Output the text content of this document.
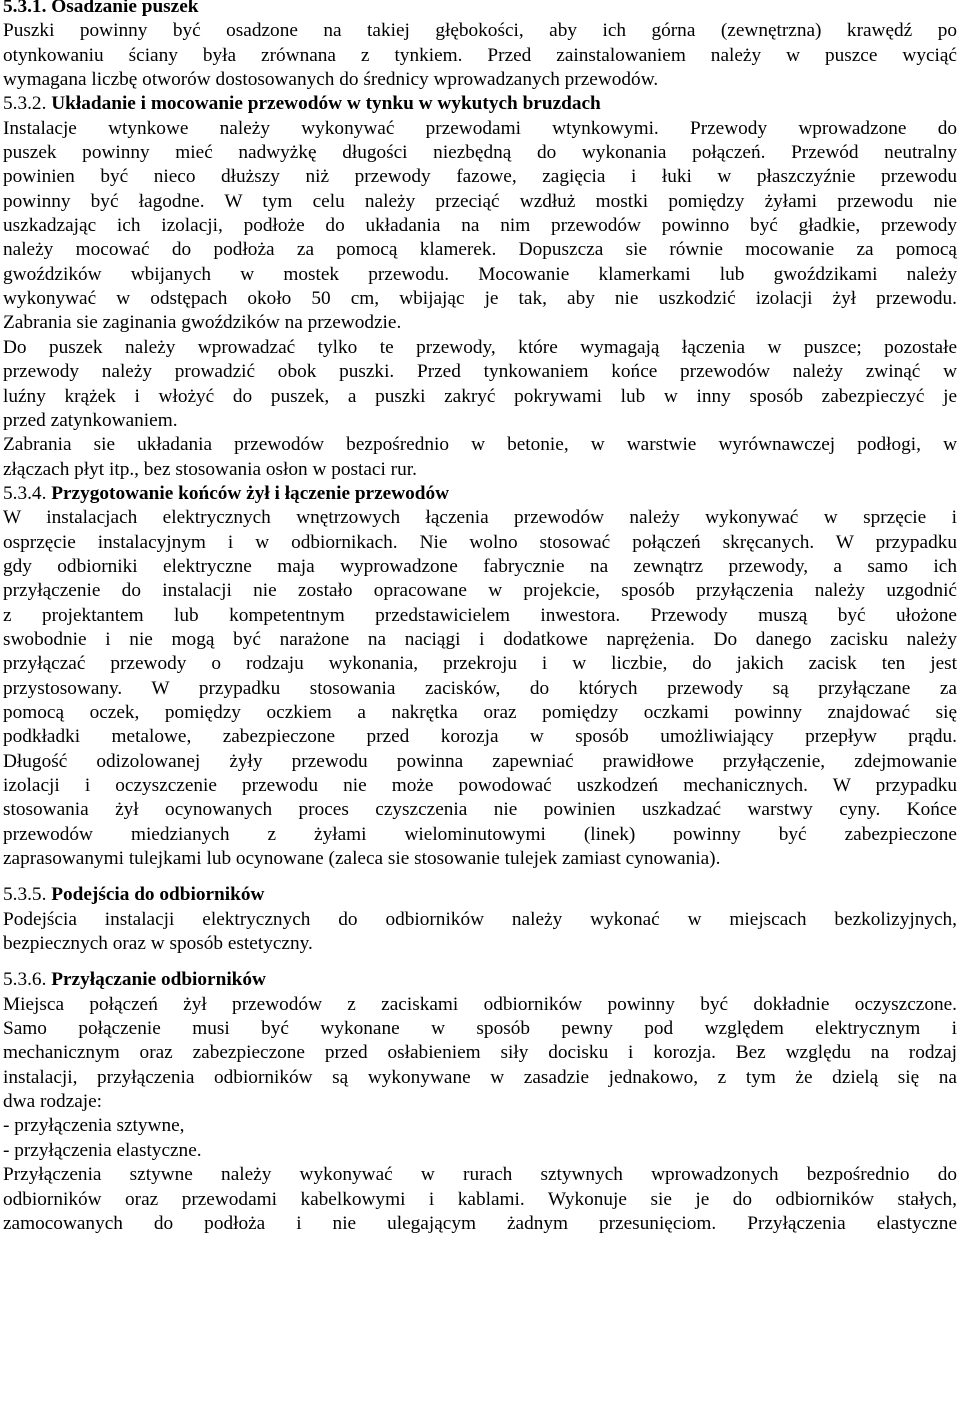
5.3.1. Osadzanie puszek
Puszki powinny być osadzone na takiej głębokości, aby ich górna (zewnętrzna) krawędź po
otynkowaniu ściany była zrównana z tynkiem. Przed zainstalowaniem należy w puszce wyciąć
wymagana liczbę otworów dostosowanych do średnicy wprowadzanych przewodów.
5.3.2. Układanie i mocowanie przewodów w tynku w wykutych bruzdach
Instalacje wtynkowe należy wykonywać przewodami wtynkowymi. Przewody wprowadzone do
puszek powinny mieć nadwyżkę długości niezbędną do wykonania połączeń. Przewód neutralny
powinien być nieco dłuższy niż przewody fazowe, zagięcia i łuki w płaszczyźnie przewodu
powinny być łagodne. W tym celu należy przeciąć wzdłuż mostki pomiędzy żyłami przewodu nie
uszkadzając ich izolacji, podłoże do układania na nim przewodów powinno być gładkie, przewody
należy mocować do podłoża za pomocą klamerek. Dopuszcza sie równie mocowanie za pomocą
gwoździków wbijanych w mostek przewodu. Mocowanie klamerkami lub gwoździkami należy
wykonywać w odstępach około 50 cm, wbijając je tak, aby nie uszkodzić izolacji żył przewodu.
Zabrania sie zaginania gwoździków na przewodzie.
Do puszek należy wprowadzać tylko te przewody, które wymagają łączenia w puszce; pozostałe
przewody należy prowadzić obok puszki. Przed tynkowaniem końce przewodów należy zwinąć w
luźny krążek i włożyć do puszek, a puszki zakryć pokrywami lub w inny sposób zabezpieczyć je
przed zatynkowaniem.
Zabrania sie układania przewodów bezpośrednio w betonie, w warstwie wyrównawczej podłogi, w
złączach płyt itp., bez stosowania osłon w postaci rur.
5.3.4. Przygotowanie końców żył i łączenie przewodów
W instalacjach elektrycznych wnętrzowych łączenia przewodów należy wykonywać w sprzęcie i
osprzęcie instalacyjnym i w odbiornikach. Nie wolno stosować połączeń skręcanych. W przypadku
gdy odbiorniki elektryczne maja wyprowadzone fabrycznie na zewnątrz przewody, a samo ich
przyłączenie do instalacji nie zostało opracowane w projekcie, sposób przyłączenia należy uzgodnić
z projektantem lub kompetentnym przedstawicielem inwestora. Przewody muszą być ułożone
swobodnie i nie mogą być narażone na naciągi i dodatkowe naprężenia. Do danego zacisku należy
przyłączać przewody o rodzaju wykonania, przekroju i w liczbie, do jakich zacisk ten jest
przystosowany. W przypadku stosowania zacisków, do których przewody są przyłączane za
pomocą oczek, pomiędzy oczkiem a nakrętka oraz pomiędzy oczkami powinny znajdować się
podkładki metalowe, zabezpieczone przed korozja w sposób umożliwiający przepływ prądu.
Długość odizolowanej żyły przewodu powinna zapewniać prawidłowe przyłączenie, zdejmowanie
izolacji i oczyszczenie przewodu nie może powodować uszkodzeń mechanicznych. W przypadku
stosowania żył ocynowanych proces czyszczenia nie powinien uszkadzać warstwy cyny. Końce
przewodów miedzianych z żyłami wielominutowymi (linek) powinny być zabezpieczone
zaprasowanymi tulejkami lub ocynowane (zaleca sie stosowanie tulejek zamiast cynowania).
5.3.5. Podejścia do odbiorników
Podejścia instalacji elektrycznych do odbiorników należy wykonać w miejscach bezkolizyjnych,
bezpiecznych oraz w sposób estetyczny.
5.3.6. Przyłączanie odbiorników
Miejsca połączeń żył przewodów z zaciskami odbiorników powinny być dokładnie oczyszczone.
Samo połączenie musi być wykonane w sposób pewny pod względem elektrycznym i
mechanicznym oraz zabezpieczone przed osłabieniem siły docisku i korozja. Bez względu na rodzaj
instalacji, przyłączenia odbiorników są wykonywane w zasadzie jednakowo, z tym że dzielą się na
dwa rodzaje:
- przyłączenia sztywne,
- przyłączenia elastyczne.
Przyłączenia sztywne należy wykonywać w rurach sztywnych wprowadzonych bezpośrednio do
odbiorników oraz przewodami kabelkowymi i kablami. Wykonuje sie je do odbiorników stałych,
zamocowanych do podłoża i nie ulegającym żadnym przesunięciom. Przyłączenia elastyczne
